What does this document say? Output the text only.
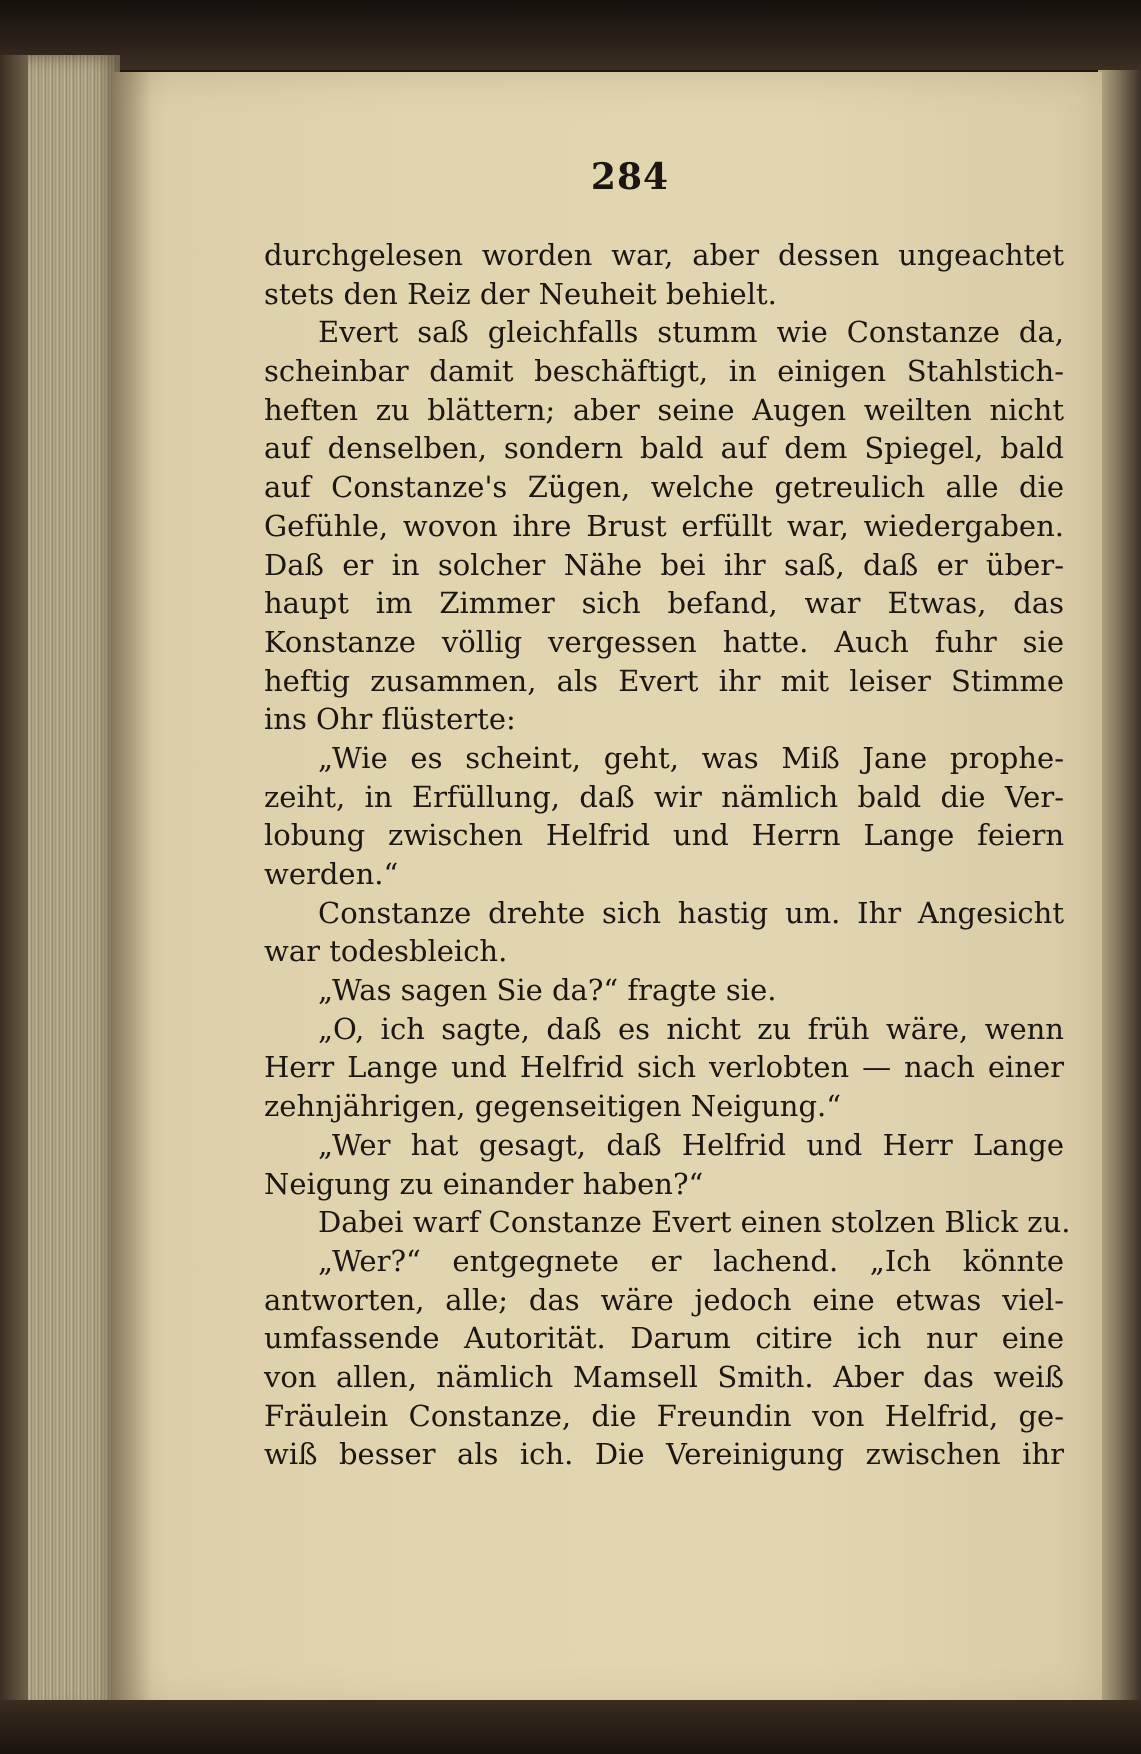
284
durchgelesen worden war, aber dessen ungeachtet
stets den Reiz der Neuheit behielt.
Evert saß gleichfalls stumm wie Constanze da,
scheinbar damit beschäftigt, in einigen Stahlstich-
heften zu blättern; aber seine Augen weilten nicht
auf denselben, sondern bald auf dem Spiegel, bald
auf Constanze's Zügen, welche getreulich alle die
Gefühle, wovon ihre Brust erfüllt war, wiedergaben.
Daß er in solcher Nähe bei ihr saß, daß er über-
haupt im Zimmer sich befand, war Etwas, das
Konstanze völlig vergessen hatte. Auch fuhr sie
heftig zusammen, als Evert ihr mit leiser Stimme
ins Ohr flüsterte:
„Wie es scheint, geht, was Miß Jane prophe-
zeiht, in Erfüllung, daß wir nämlich bald die Ver-
lobung zwischen Helfrid und Herrn Lange feiern
werden.“
Constanze drehte sich hastig um. Ihr Angesicht
war todesbleich.
„Was sagen Sie da?“ fragte sie.
„O, ich sagte, daß es nicht zu früh wäre, wenn
Herr Lange und Helfrid sich verlobten — nach einer
zehnjährigen, gegenseitigen Neigung.“
„Wer hat gesagt, daß Helfrid und Herr Lange
Neigung zu einander haben?“
Dabei warf Constanze Evert einen stolzen Blick zu.
„Wer?“ entgegnete er lachend. „Ich könnte
antworten, alle; das wäre jedoch eine etwas viel-
umfassende Autorität. Darum citire ich nur eine
von allen, nämlich Mamsell Smith. Aber das weiß
Fräulein Constanze, die Freundin von Helfrid, ge-
wiß besser als ich. Die Vereinigung zwischen ihr
